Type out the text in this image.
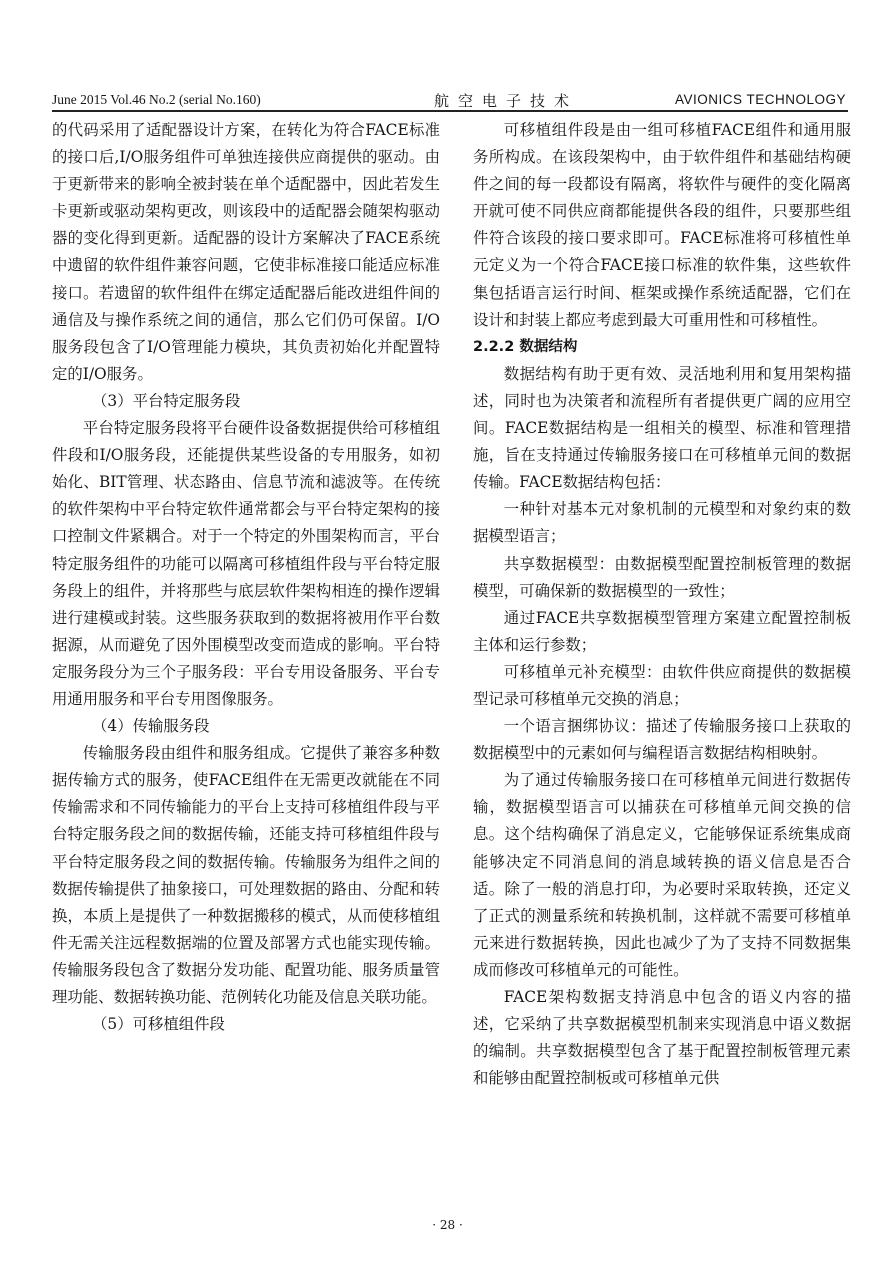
June 2015 Vol.46 No.2 (serial No.160)	航空电子技术	AVIONICS TECHNOLOGY

的代码采用了适配器设计方案，在转化为符合FACE标准的接口后,I/O服务组件可单独连接供应商提供的驱动。由于更新带来的影响全被封装在单个适配器中，因此若发生卡更新或驱动架构更改，则该段中的适配器会随架构驱动器的变化得到更新。适配器的设计方案解决了FACE系统中遗留的软件组件兼容问题，它使非标准接口能适应标准接口。若遗留的软件组件在绑定适配器后能改进组件间的通信及与操作系统之间的通信，那么它们仍可保留。I/O服务段包含了I/O管理能力模块，其负责初始化并配置特定的I/O服务。

（3）平台特定服务段

平台特定服务段将平台硬件设备数据提供给可移植组件段和I/O服务段，还能提供某些设备的专用服务，如初始化、BIT管理、状态路由、信息节流和滤波等。在传统的软件架构中平台特定软件通常都会与平台特定架构的接口控制文件紧耦合。对于一个特定的外围架构而言，平台特定服务组件的功能可以隔离可移植组件段与平台特定服务段上的组件，并将那些与底层软件架构相连的操作逻辑进行建模或封装。这些服务获取到的数据将被用作平台数据源，从而避免了因外围模型改变而造成的影响。平台特定服务段分为三个子服务段：平台专用设备服务、平台专用通用服务和平台专用图像服务。

（4）传输服务段

传输服务段由组件和服务组成。它提供了兼容多种数据传输方式的服务，使FACE组件在无需更改就能在不同传输需求和不同传输能力的平台上支持可移植组件段与平台特定服务段之间的数据传输，还能支持可移植组件段与平台特定服务段之间的数据传输。传输服务为组件之间的数据传输提供了抽象接口，可处理数据的路由、分配和转换，本质上是提供了一种数据搬移的模式，从而使移植组件无需关注远程数据端的位置及部署方式也能实现传输。传输服务段包含了数据分发功能、配置功能、服务质量管理功能、数据转换功能、范例转化功能及信息关联功能。

（5）可移植组件段

可移植组件段是由一组可移植FACE组件和通用服务所构成。在该段架构中，由于软件组件和基础结构硬件之间的每一段都设有隔离，将软件与硬件的变化隔离开就可使不同供应商都能提供各段的组件，只要那些组件符合该段的接口要求即可。FACE标准将可移植性单元定义为一个符合FACE接口标准的软件集，这些软件集包括语言运行时间、框架或操作系统适配器，它们在设计和封装上都应考虑到最大可重用性和可移植性。

2.2.2 数据结构

数据结构有助于更有效、灵活地利用和复用架构描述，同时也为决策者和流程所有者提供更广阔的应用空间。FACE数据结构是一组相关的模型、标准和管理措施，旨在支持通过传输服务接口在可移植单元间的数据传输。FACE数据结构包括：

一种针对基本元对象机制的元模型和对象约束的数据模型语言；

共享数据模型：由数据模型配置控制板管理的数据模型，可确保新的数据模型的一致性；

通过FACE共享数据模型管理方案建立配置控制板主体和运行参数；

可移植单元补充模型：由软件供应商提供的数据模型记录可移植单元交换的消息；

一个语言捆绑协议：描述了传输服务接口上获取的数据模型中的元素如何与编程语言数据结构相映射。

为了通过传输服务接口在可移植单元间进行数据传输，数据模型语言可以捕获在可移植单元间交换的信息。这个结构确保了消息定义，它能够保证系统集成商能够决定不同消息间的消息域转换的语义信息是否合适。除了一般的消息打印，为必要时采取转换，还定义了正式的测量系统和转换机制，这样就不需要可移植单元来进行数据转换，因此也减少了为了支持不同数据集成而修改可移植单元的可能性。

FACE架构数据支持消息中包含的语义内容的描述，它采纳了共享数据模型机制来实现消息中语义数据的编制。共享数据模型包含了基于配置控制板管理元素和能够由配置控制板或可移植单元供

· 28 ·
